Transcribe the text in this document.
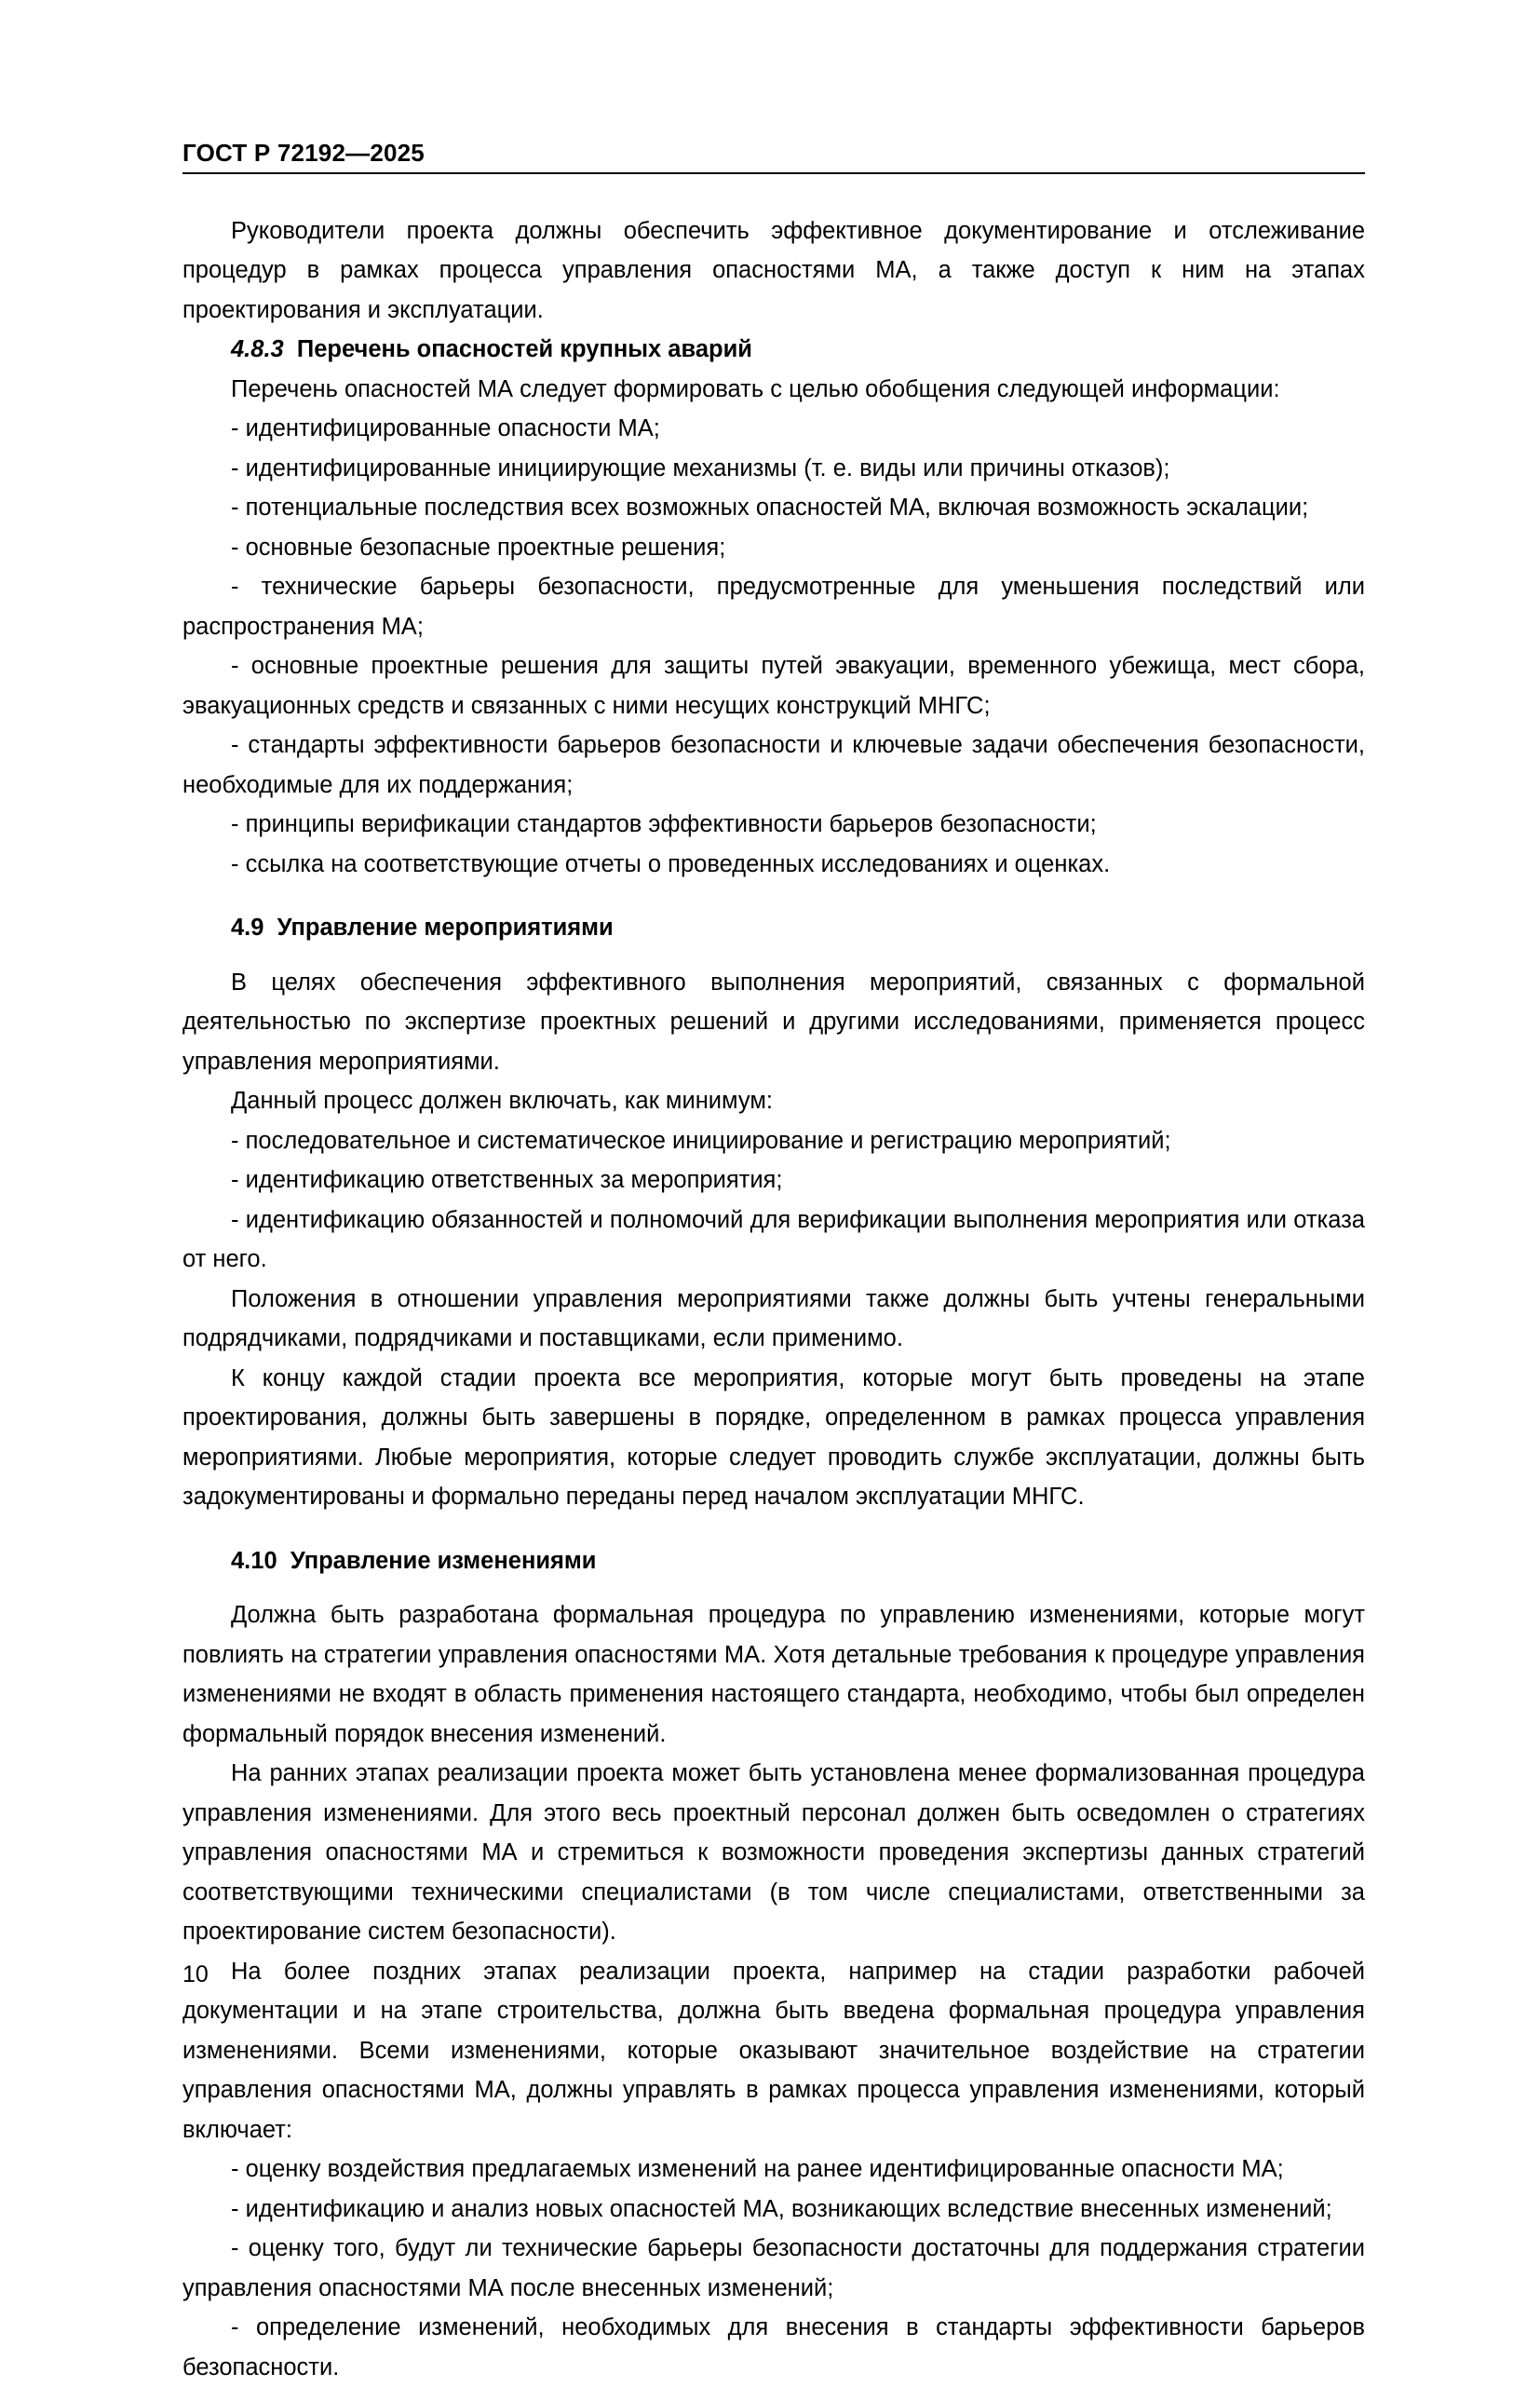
ГОСТ Р 72192—2025

Руководители проекта должны обеспечить эффективное документирование и отслеживание процедур в рамках процесса управления опасностями МА, а также доступ к ним на этапах проектирования и эксплуатации.

4.8.3 Перечень опасностей крупных аварий

Перечень опасностей МА следует формировать с целью обобщения следующей информации:

- идентифицированные опасности МА;

- идентифицированные инициирующие механизмы (т. е. виды или причины отказов);

- потенциальные последствия всех возможных опасностей МА, включая возможность эскалации;

- основные безопасные проектные решения;

- технические барьеры безопасности, предусмотренные для уменьшения последствий или распространения МА;

- основные проектные решения для защиты путей эвакуации, временного убежища, мест сбора, эвакуационных средств и связанных с ними несущих конструкций МНГС;

- стандарты эффективности барьеров безопасности и ключевые задачи обеспечения безопасности, необходимые для их поддержания;

- принципы верификации стандартов эффективности барьеров безопасности;

- ссылка на соответствующие отчеты о проведенных исследованиях и оценках.

4.9 Управление мероприятиями

В целях обеспечения эффективного выполнения мероприятий, связанных с формальной деятельностью по экспертизе проектных решений и другими исследованиями, применяется процесс управления мероприятиями.

Данный процесс должен включать, как минимум:

- последовательное и систематическое инициирование и регистрацию мероприятий;

- идентификацию ответственных за мероприятия;

- идентификацию обязанностей и полномочий для верификации выполнения мероприятия или отказа от него.

Положения в отношении управления мероприятиями также должны быть учтены генеральными подрядчиками, подрядчиками и поставщиками, если применимо.

К концу каждой стадии проекта все мероприятия, которые могут быть проведены на этапе проектирования, должны быть завершены в порядке, определенном в рамках процесса управления мероприятиями. Любые мероприятия, которые следует проводить службе эксплуатации, должны быть задокументированы и формально переданы перед началом эксплуатации МНГС.

4.10 Управление изменениями

Должна быть разработана формальная процедура по управлению изменениями, которые могут повлиять на стратегии управления опасностями МА. Хотя детальные требования к процедуре управления изменениями не входят в область применения настоящего стандарта, необходимо, чтобы был определен формальный порядок внесения изменений.

На ранних этапах реализации проекта может быть установлена менее формализованная процедура управления изменениями. Для этого весь проектный персонал должен быть осведомлен о стратегиях управления опасностями МА и стремиться к возможности проведения экспертизы данных стратегий соответствующими техническими специалистами (в том числе специалистами, ответственными за проектирование систем безопасности).

На более поздних этапах реализации проекта, например на стадии разработки рабочей документации и на этапе строительства, должна быть введена формальная процедура управления изменениями. Всеми изменениями, которые оказывают значительное воздействие на стратегии управления опасностями МА, должны управлять в рамках процесса управления изменениями, который включает:

- оценку воздействия предлагаемых изменений на ранее идентифицированные опасности МА;

- идентификацию и анализ новых опасностей МА, возникающих вследствие внесенных изменений;

- оценку того, будут ли технические барьеры безопасности достаточны для поддержания стратегии управления опасностями МА после внесенных изменений;

- определение изменений, необходимых для внесения в стандарты эффективности барьеров безопасности.

10
